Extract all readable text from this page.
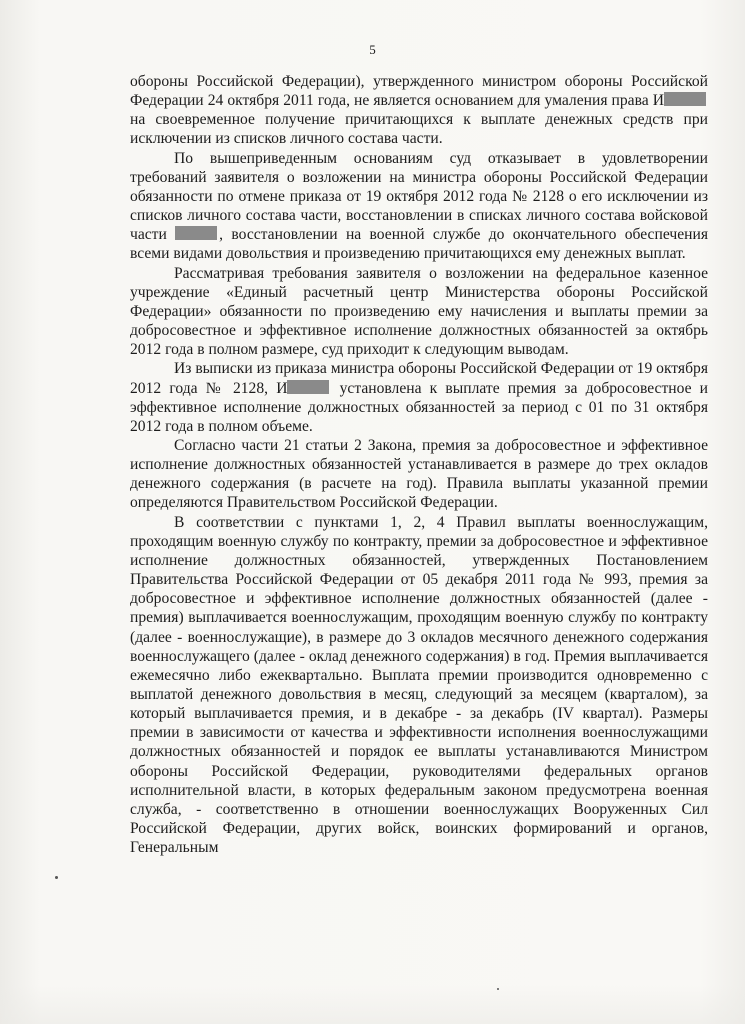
5

обороны Российской Федерации), утвержденного министром обороны Российской Федерации 24 октября 2011 года, не является основанием для умаления права И на своевременное получение причитающихся к выплате денежных средств при исключении из списков личного состава части.

По вышеприведенным основаниям суд отказывает в удовлетворении требований заявителя о возложении на министра обороны Российской Федерации обязанности по отмене приказа от 19 октября 2012 года № 2128 о его исключении из списков личного состава части, восстановлении в списках личного состава войсковой части	, восстановлении на военной службе до окончательного обеспечения всеми видами довольствия и произведению причитающихся ему денежных выплат.

Рассматривая требования заявителя о возложении на федеральное казенное учреждение «Единый расчетный центр Министерства обороны Российской Федерации» обязанности по произведению ему начисления и выплаты премии за добросовестное и эффективное исполнение должностных обязанностей за октябрь 2012 года в полном размере, суд приходит к следующим выводам.

Из выписки из приказа министра обороны Российской Федерации от 19 октября 2012 года № 2128, И	установлена к выплате премия за добросовестное и эффективное исполнение должностных обязанностей за период с 01 по 31 октября 2012 года в полном объеме.

Согласно части 21 статьи 2 Закона, премия за добросовестное и эффективное исполнение должностных обязанностей устанавливается в размере до трех окладов денежного содержания (в расчете на год). Правила выплаты указанной премии определяются Правительством Российской Федерации.

В соответствии с пунктами 1, 2, 4 Правил выплаты военнослужащим, проходящим военную службу по контракту, премии за добросовестное и эффективное исполнение должностных обязанностей, утвержденных Постановлением Правительства Российской Федерации от 05 декабря 2011 года № 993, премия за добросовестное и эффективное исполнение должностных обязанностей (далее - премия) выплачивается военнослужащим, проходящим военную службу по контракту (далее - военнослужащие), в размере до 3 окладов месячного денежного содержания военнослужащего (далее - оклад денежного содержания) в год. Премия выплачивается ежемесячно либо ежеквартально. Выплата премии производится одновременно с выплатой денежного довольствия в месяц, следующий за месяцем (кварталом), за который выплачивается премия, и в декабре - за декабрь (IV квартал). Размеры премии в зависимости от качества и эффективности исполнения военнослужащими должностных обязанностей и порядок ее выплаты устанавливаются Министром обороны Российской Федерации, руководителями федеральных органов исполнительной власти, в которых федеральным законом предусмотрена военная служба, - соответственно в отношении военнослужащих Вооруженных Сил Российской Федерации, других войск, воинских формирований и органов, Генеральным
